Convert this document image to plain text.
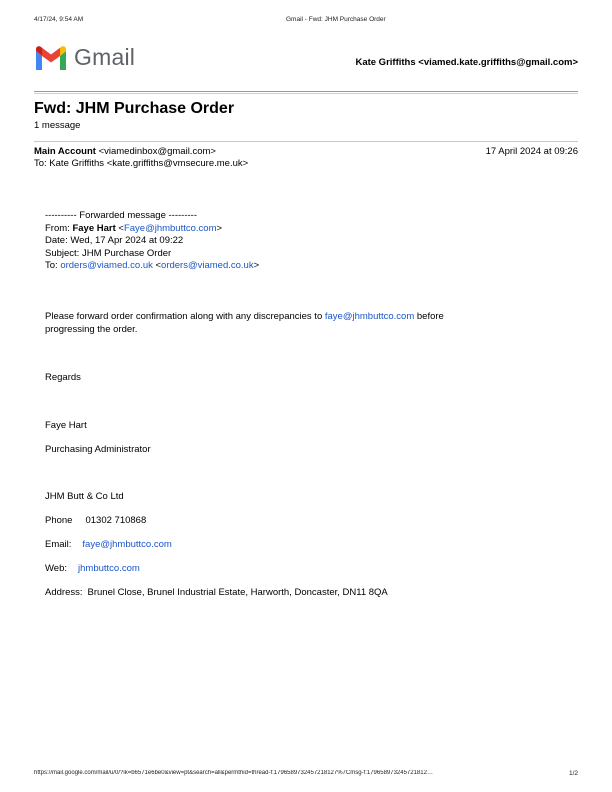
4/17/24, 9:54 AM	Gmail - Fwd: JHM Purchase Order
Gmail	Kate Griffiths <viamed.kate.griffiths@gmail.com>
Fwd: JHM Purchase Order
1 message
Main Account <viamedinbox@gmail.com>	17 April 2024 at 09:26
To: Kate Griffiths <kate.griffiths@vmsecure.me.uk>
---------- Forwarded message ---------
From: Faye Hart <Faye@jhmbuttco.com>
Date: Wed, 17 Apr 2024 at 09:22
Subject: JHM Purchase Order
To: orders@viamed.co.uk <orders@viamed.co.uk>
Please forward order confirmation along with any discrepancies to faye@jhmbuttco.com before
progressing the order.
Regards
Faye Hart
Purchasing Administrator
JHM Butt & Co Ltd
Phone 01302 710868
Email: faye@jhmbuttco.com
Web: jhmbuttco.com
Address: Brunel Close, Brunel Industrial Estate, Harworth, Doncaster, DN11 8QA
https://mail.google.com/mail/u/0/?ik=b6571e6be0&view=pt&search=all&permthid=thread-f:1796589732457218127%7Cmsg-f:179658973245721812…	1/2
